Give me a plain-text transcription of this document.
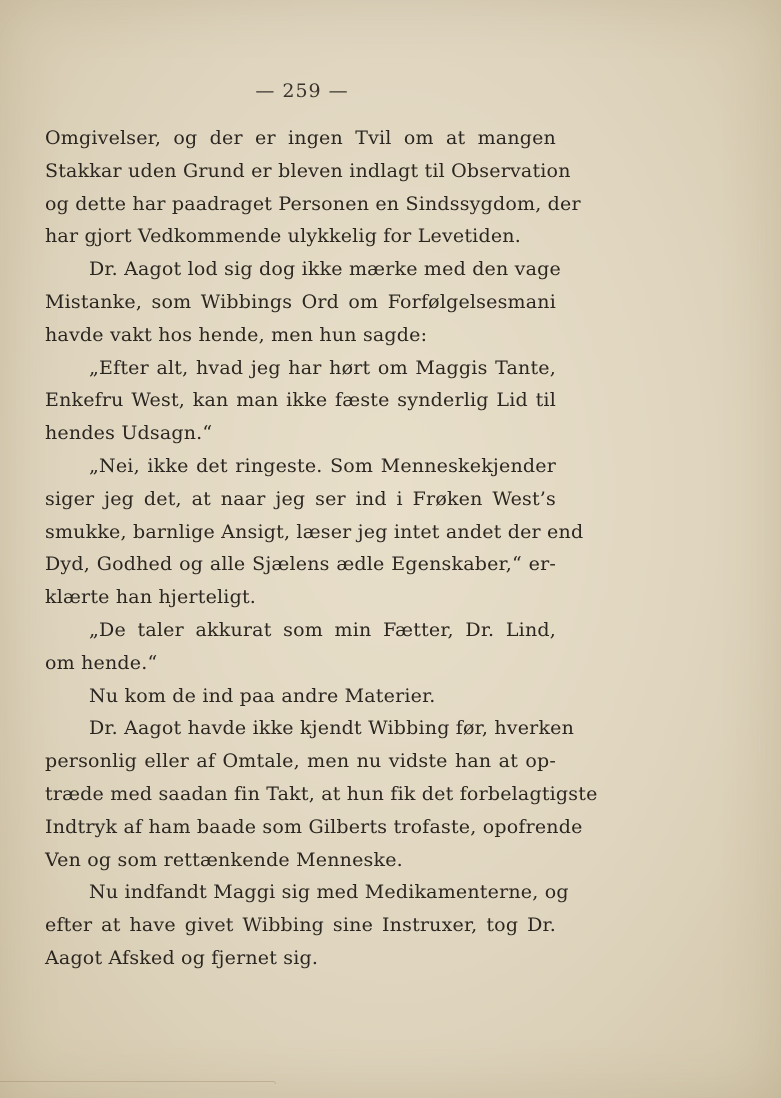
— 259 —
Omgivelser, og der er ingen Tvil om at mangen
Stakkar uden Grund er bleven indlagt til Observation
og dette har paadraget Personen en Sindssygdom, der
har gjort Vedkommende ulykkelig for Levetiden.
Dr. Aagot lod sig dog ikke mærke med den vage
Mistanke, som Wibbings Ord om Forfølgelsesmani
havde vakt hos hende, men hun sagde:
„Efter alt, hvad jeg har hørt om Maggis Tante,
Enkefru West, kan man ikke fæste synderlig Lid til
hendes Udsagn.“
„Nei, ikke det ringeste. Som Menneskekjender
siger jeg det, at naar jeg ser ind i Frøken West’s
smukke, barnlige Ansigt, læser jeg intet andet der end
Dyd, Godhed og alle Sjælens ædle Egenskaber,“ er-
klærte han hjerteligt.
„De taler akkurat som min Fætter, Dr. Lind,
om hende.“
Nu kom de ind paa andre Materier.
Dr. Aagot havde ikke kjendt Wibbing før, hverken
personlig eller af Omtale, men nu vidste han at op-
træde med saadan fin Takt, at hun fik det forbelagtigste
Indtryk af ham baade som Gilberts trofaste, opofrende
Ven og som rettænkende Menneske.
Nu indfandt Maggi sig med Medikamenterne, og
efter at have givet Wibbing sine Instruxer, tog Dr.
Aagot Afsked og fjernet sig.
